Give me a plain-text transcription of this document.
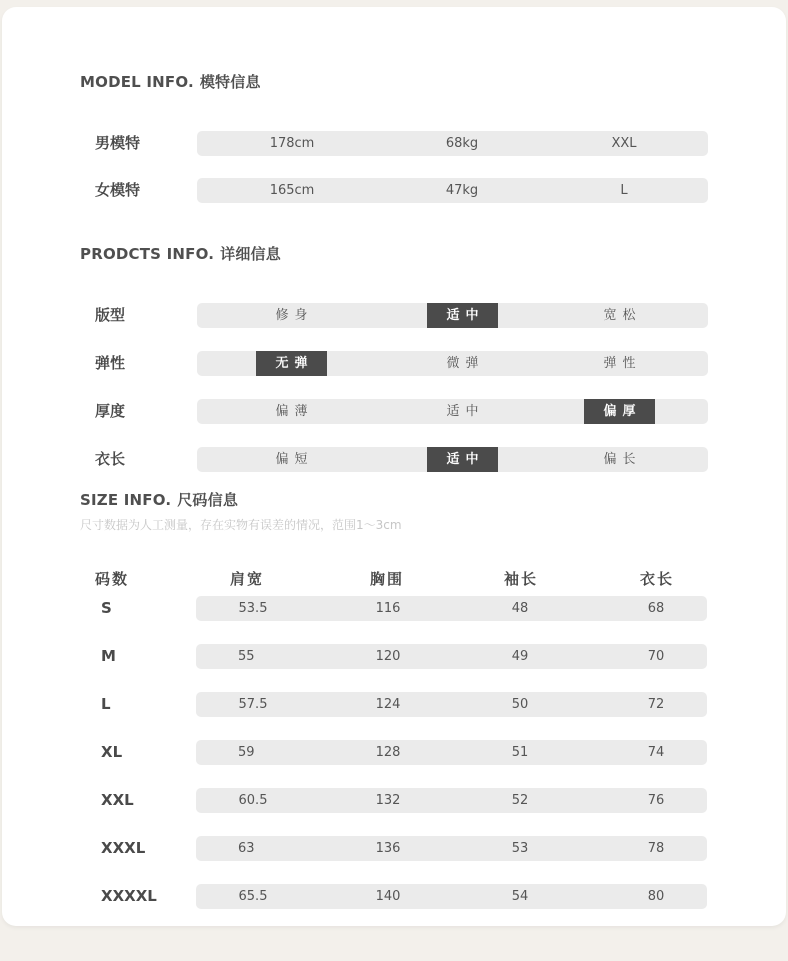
MODEL INFO. 模特信息
男模特	178cm	68kg	XXL
女模特	165cm	47kg	L
PRODCTS INFO. 详细信息
版型	修身	适中	宽松
弹性	无弹	微弹	弹性
厚度	偏薄	适中	偏厚
衣长	偏短	适中	偏长
SIZE INFO. 尺码信息
尺寸数据为人工测量，存在实物有误差的情况，范围1～3cm
码数	肩宽	胸围	袖长	衣长
S	53.5	116	48	68
M	55	120	49	70
L	57.5	124	50	72
XL	59	128	51	74
XXL	60.5	132	52	76
XXXL	63	136	53	78
XXXXL	65.5	140	54	80
